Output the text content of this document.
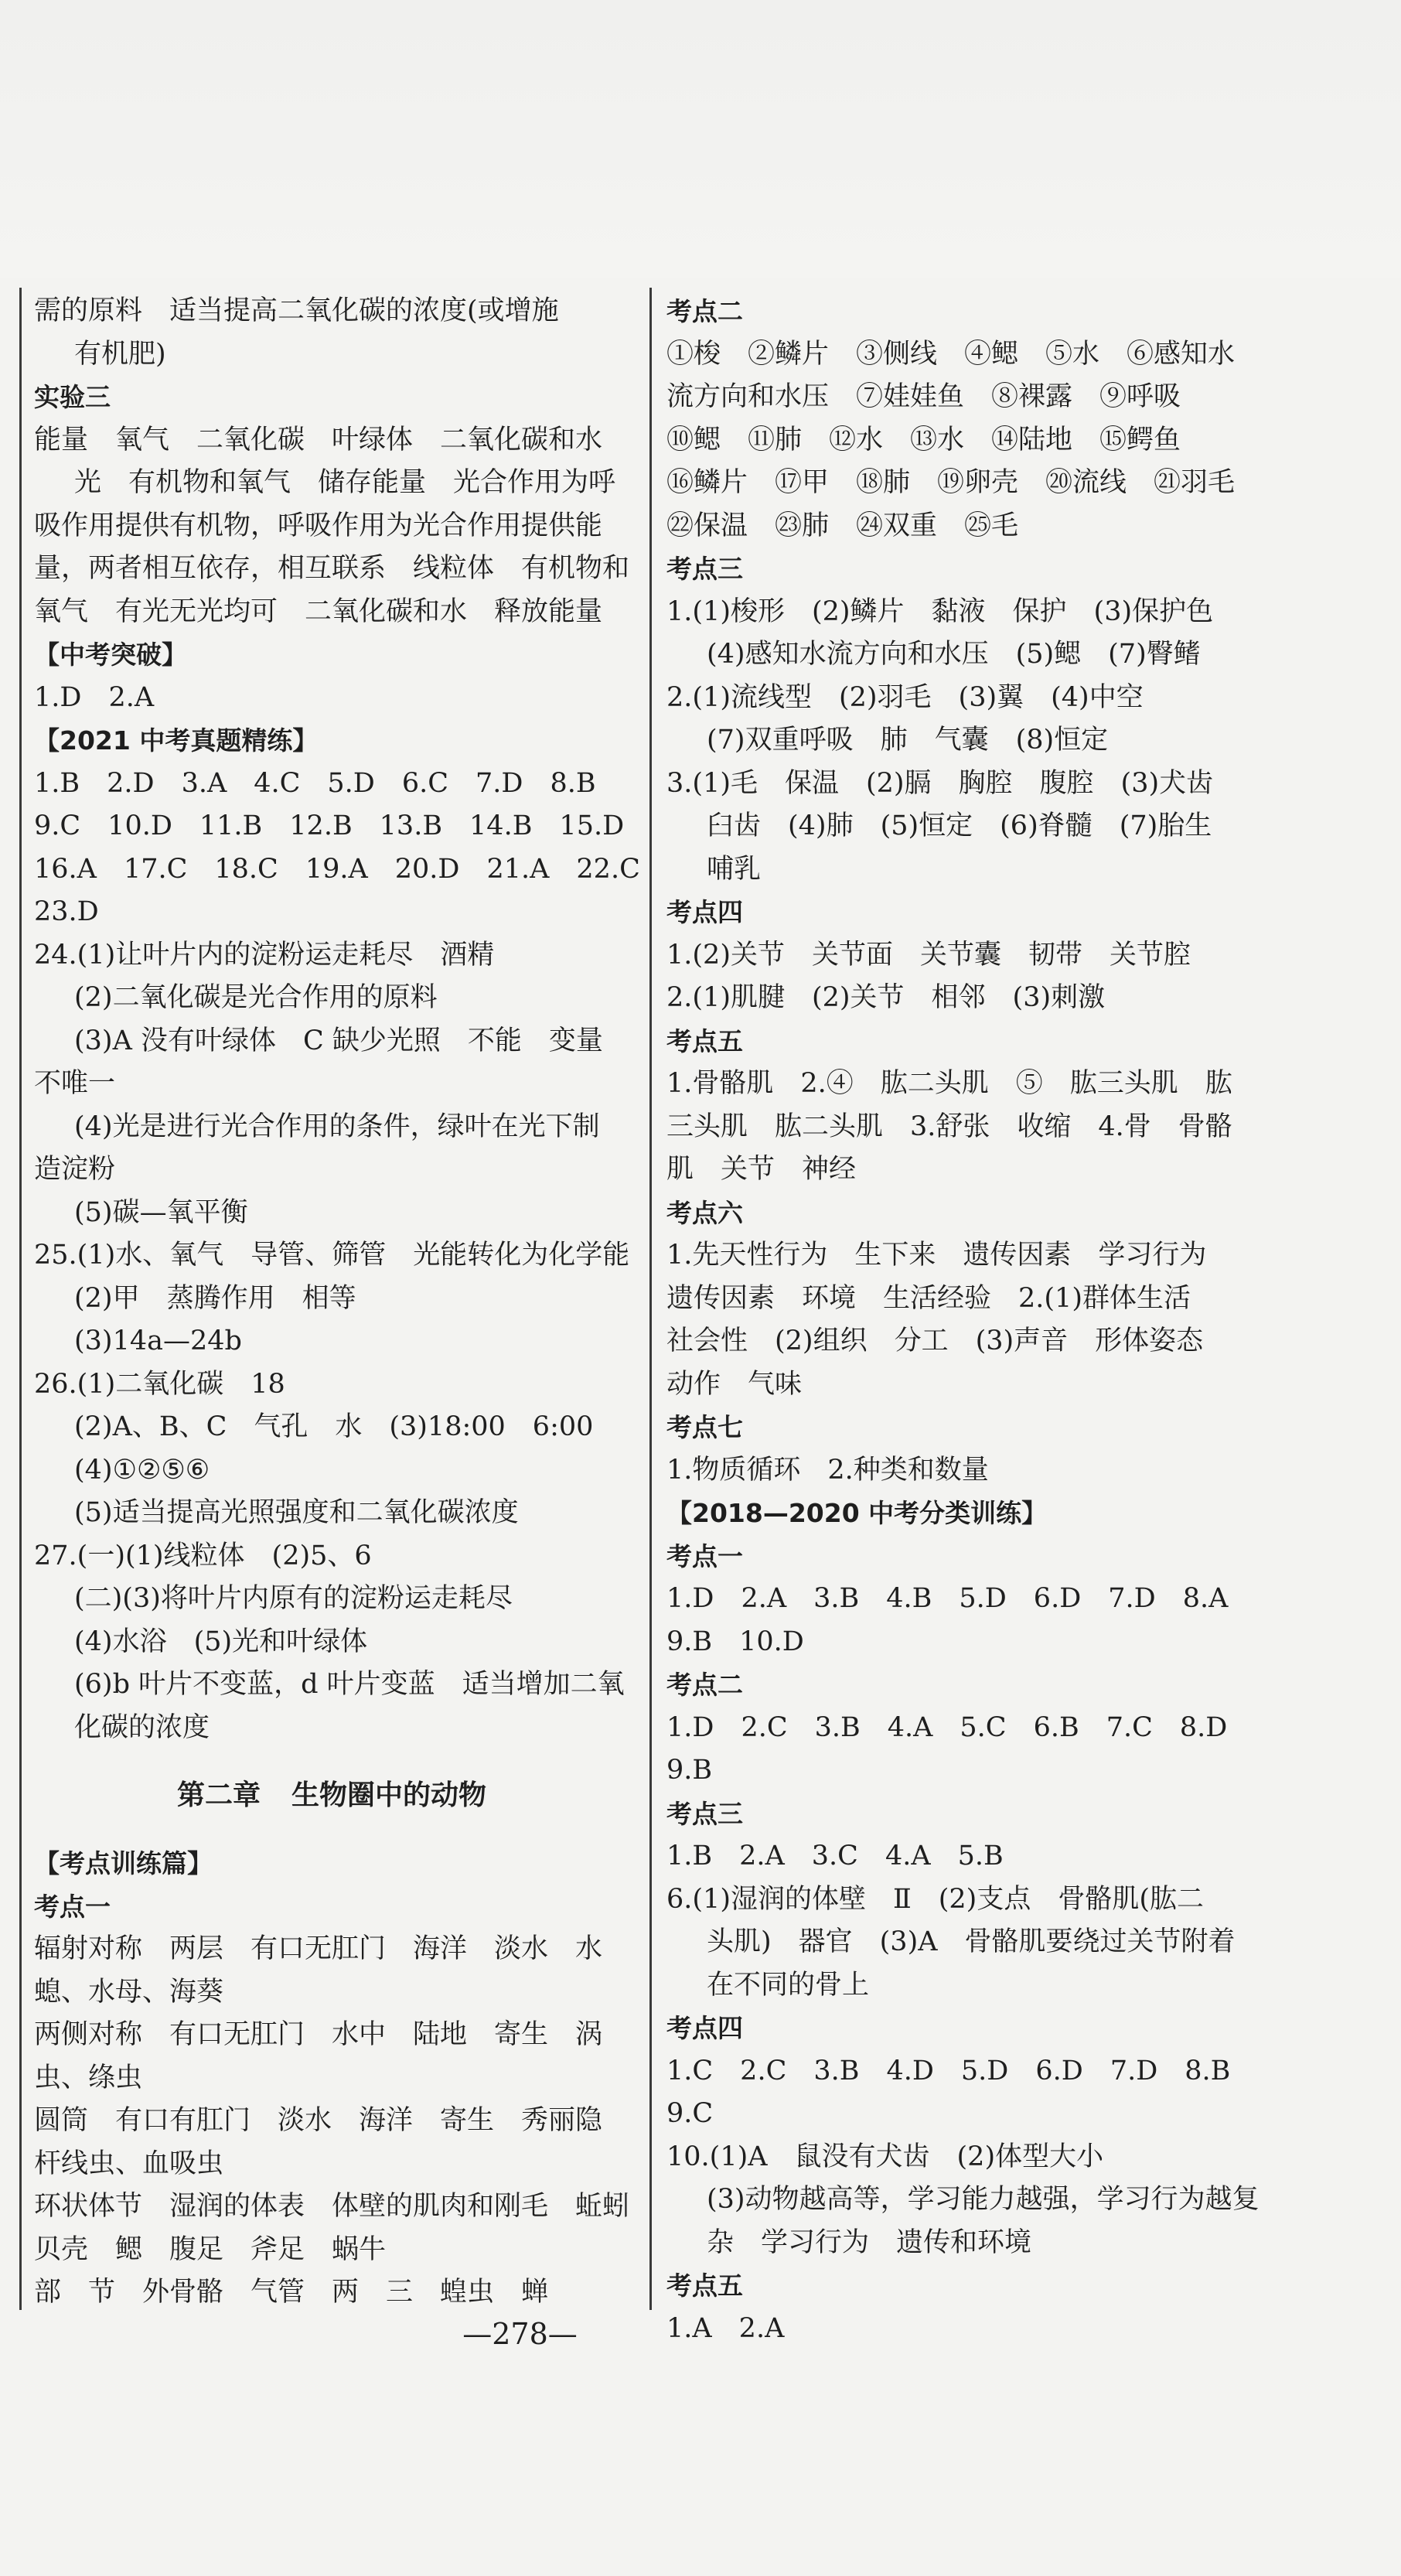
需的原料　适当提高二氧化碳的浓度(或增施
有机肥)
实验三
能量　氧气　二氧化碳　叶绿体　二氧化碳和水
光　有机物和氧气　储存能量　光合作用为呼
吸作用提供有机物，呼吸作用为光合作用提供能
量，两者相互依存，相互联系　线粒体　有机物和
氧气　有光无光均可　二氧化碳和水　释放能量
【中考突破】
1.D　2.A
【2021 中考真题精练】
1.B　2.D　3.A　4.C　5.D　6.C　7.D　8.B
9.C　10.D　11.B　12.B　13.B　14.B　15.D
16.A　17.C　18.C　19.A　20.D　21.A　22.C
23.D
24.(1)让叶片内的淀粉运走耗尽　酒精
(2)二氧化碳是光合作用的原料
(3)A 没有叶绿体　C 缺少光照　不能　变量
不唯一
(4)光是进行光合作用的条件，绿叶在光下制
造淀粉
(5)碳—氧平衡
25.(1)水、氧气　导管、筛管　光能转化为化学能
(2)甲　蒸腾作用　相等
(3)14a—24b
26.(1)二氧化碳　18
(2)A、B、C　气孔　水　(3)18:00　6:00
(4)①②⑤⑥
(5)适当提高光照强度和二氧化碳浓度
27.(一)(1)线粒体　(2)5、6
(二)(3)将叶片内原有的淀粉运走耗尽
(4)水浴　(5)光和叶绿体
(6)b 叶片不变蓝，d 叶片变蓝　适当增加二氧
化碳的浓度
第二章 生物圈中的动物
【考点训练篇】
考点一
辐射对称　两层　有口无肛门　海洋　淡水　水
螅、水母、海葵
两侧对称　有口无肛门　水中　陆地　寄生　涡
虫、绦虫
圆筒　有口有肛门　淡水　海洋　寄生　秀丽隐
杆线虫、血吸虫
环状体节　湿润的体表　体壁的肌肉和刚毛　蚯蚓
贝壳　鳃　腹足　斧足　蜗牛
部　节　外骨骼　气管　两　三　蝗虫　蝉
考点二
①梭　②鳞片　③侧线　④鳃　⑤水　⑥感知水
流方向和水压　⑦娃娃鱼　⑧裸露　⑨呼吸
⑩鳃　⑪肺　⑫水　⑬水　⑭陆地　⑮鳄鱼
⑯鳞片　⑰甲　⑱肺　⑲卵壳　⑳流线　㉑羽毛
㉒保温　㉓肺　㉔双重　㉕毛
考点三
1.(1)梭形　(2)鳞片　黏液　保护　(3)保护色
(4)感知水流方向和水压　(5)鳃　(7)臀鳍
2.(1)流线型　(2)羽毛　(3)翼　(4)中空
(7)双重呼吸　肺　气囊　(8)恒定
3.(1)毛　保温　(2)膈　胸腔　腹腔　(3)犬齿
臼齿　(4)肺　(5)恒定　(6)脊髓　(7)胎生
哺乳
考点四
1.(2)关节　关节面　关节囊　韧带　关节腔
2.(1)肌腱　(2)关节　相邻　(3)刺激
考点五
1.骨骼肌　2.④　肱二头肌　⑤　肱三头肌　肱
三头肌　肱二头肌　3.舒张　收缩　4.骨　骨骼
肌　关节　神经
考点六
1.先天性行为　生下来　遗传因素　学习行为
遗传因素　环境　生活经验　2.(1)群体生活
社会性　(2)组织　分工　(3)声音　形体姿态
动作　气味
考点七
1.物质循环　2.种类和数量
【2018—2020 中考分类训练】
考点一
1.D　2.A　3.B　4.B　5.D　6.D　7.D　8.A
9.B　10.D
考点二
1.D　2.C　3.B　4.A　5.C　6.B　7.C　8.D
9.B
考点三
1.B　2.A　3.C　4.A　5.B
6.(1)湿润的体壁　Ⅱ　(2)支点　骨骼肌(肱二
头肌)　器官　(3)A　骨骼肌要绕过关节附着
在不同的骨上
考点四
1.C　2.C　3.B　4.D　5.D　6.D　7.D　8.B
9.C
10.(1)A　鼠没有犬齿　(2)体型大小
(3)动物越高等，学习能力越强，学习行为越复
杂　学习行为　遗传和环境
考点五
1.A　2.A
—278—
